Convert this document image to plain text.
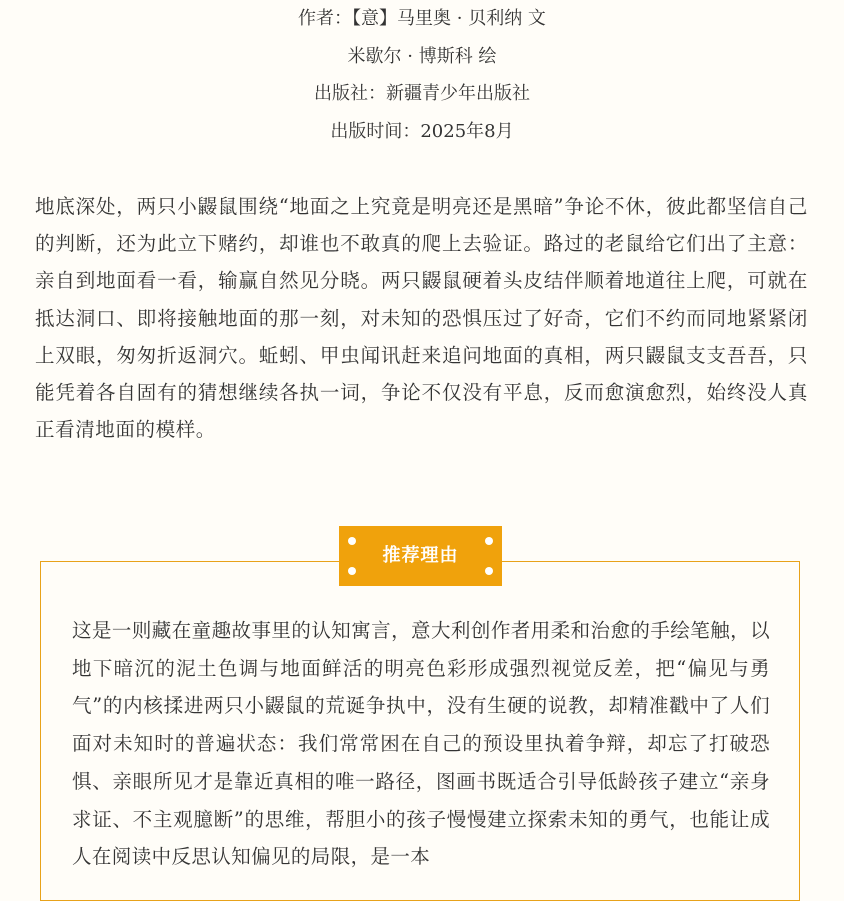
作者：【意】马里奥 · 贝利纳 文
米歇尔 · 博斯科 绘
出版社：新疆青少年出版社
出版时间：2025年8月

地底深处，两只小鼹鼠围绕“地面之上究竟是明亮还是黑暗”争论不休，彼此都坚信自己的判断，还为此立下赌约，却谁也不敢真的爬上去验证。路过的老鼠给它们出了主意：亲自到地面看一看，输赢自然见分晓。两只鼹鼠硬着头皮结伴顺着地道往上爬，可就在抵达洞口、即将接触地面的那一刻，对未知的恐惧压过了好奇，它们不约而同地紧紧闭上双眼，匆匆折返洞穴。蚯蚓、甲虫闻讯赶来追问地面的真相，两只鼹鼠支支吾吾，只能凭着各自固有的猜想继续各执一词，争论不仅没有平息，反而愈演愈烈，始终没人真正看清地面的模样。

推荐理由

这是一则藏在童趣故事里的认知寓言，意大利创作者用柔和治愈的手绘笔触，以地下暗沉的泥土色调与地面鲜活的明亮色彩形成强烈视觉反差，把“偏见与勇气”的内核揉进两只小鼹鼠的荒诞争执中，没有生硬的说教，却精准戳中了人们面对未知时的普遍状态：我们常常困在自己的预设里执着争辩，却忘了打破恐惧、亲眼所见才是靠近真相的唯一路径，图画书既适合引导低龄孩子建立“亲身求证、不主观臆断”的思维，帮胆小的孩子慢慢建立探索未知的勇气，也能让成人在阅读中反思认知偏见的局限，是一本
